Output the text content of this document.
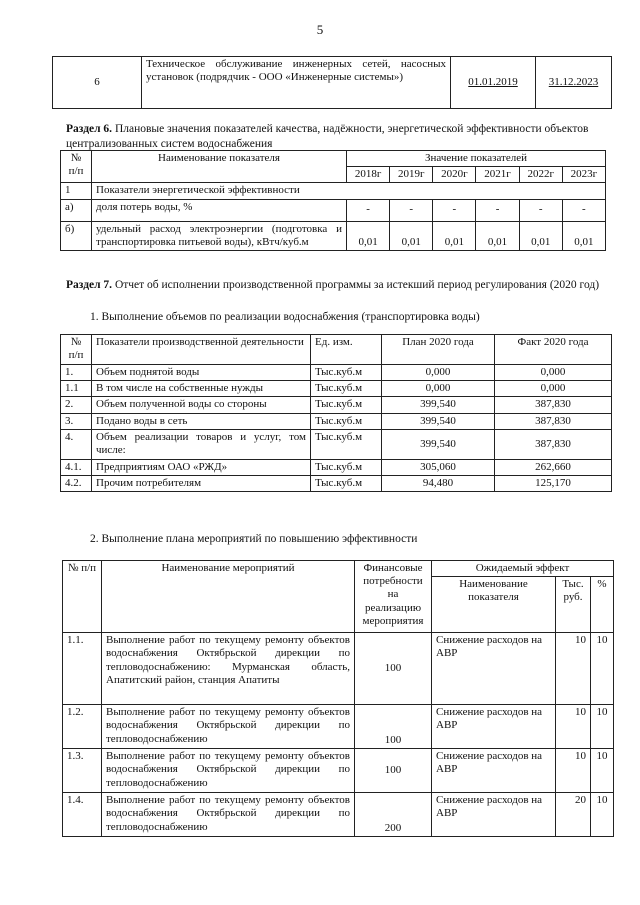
5
6	Техническое обслуживание инженерных сетей, насосных установок (подрядчик - ООО «Инженерные системы»)	01.01.2019	31.12.2023
Раздел 6. Плановые значения показателей качества, надёжности, энергетической эффективности объектов централизованных систем водоснабжения
№ п/п	Наименование показателя	Значение показателей					
		2018г	2019г	2020г	2021г	2022г	2023г
1	Показатели энергетической эффективности						
а)	доля потерь воды, %	-	-	-	-	-	-
б)	удельный расход электроэнергии (подготовка и транспортировка питьевой воды), кВтч/куб.м	0,01	0,01	0,01	0,01	0,01	0,01
Раздел 7. Отчет об исполнении производственной программы за истекший период регулирования (2020 год)
1. Выполнение объемов по реализации водоснабжения (транспортировка воды)
№ п/п	Показатели производственной деятельности	Ед. изм.	План 2020 года	Факт 2020 года
1.	Объем поднятой воды	Тыс.куб.м	0,000	0,000
1.1	В том числе на собственные нужды	Тыс.куб.м	0,000	0,000
2.	Объем полученной воды со стороны	Тыс.куб.м	399,540	387,830
3.	Подано воды в сеть	Тыс.куб.м	399,540	387,830
4.	Объем реализации товаров и услуг, том числе:	Тыс.куб.м	399,540	387,830
4.1.	Предприятиям ОАО «РЖД»	Тыс.куб.м	305,060	262,660
4.2.	Прочим потребителям	Тыс.куб.м	94,480	125,170
2. Выполнение плана мероприятий по повышению эффективности
№ п/п	Наименование мероприятий	Финансовые потребности на реализацию мероприятия	Ожидаемый эффект		
			Наименование показателя	Тыс. руб.	%
1.1.	Выполнение работ по текущему ремонту объектов водоснабжения Октябрьской дирекции по тепловодоснабжению: Мурманская область, Апатитский район, станция Апатиты	100	Снижение расходов на АВР	10	10
1.2.	Выполнение работ по текущему ремонту объектов водоснабжения Октябрьской дирекции по тепловодоснабжению	100	Снижение расходов на АВР	10	10
1.3.	Выполнение работ по текущему ремонту объектов водоснабжения Октябрьской дирекции по тепловодоснабжению	100	Снижение расходов на АВР	10	10
1.4.	Выполнение работ по текущему ремонту объектов водоснабжения Октябрьской дирекции по тепловодоснабжению	200	Снижение расходов на АВР	20	10
